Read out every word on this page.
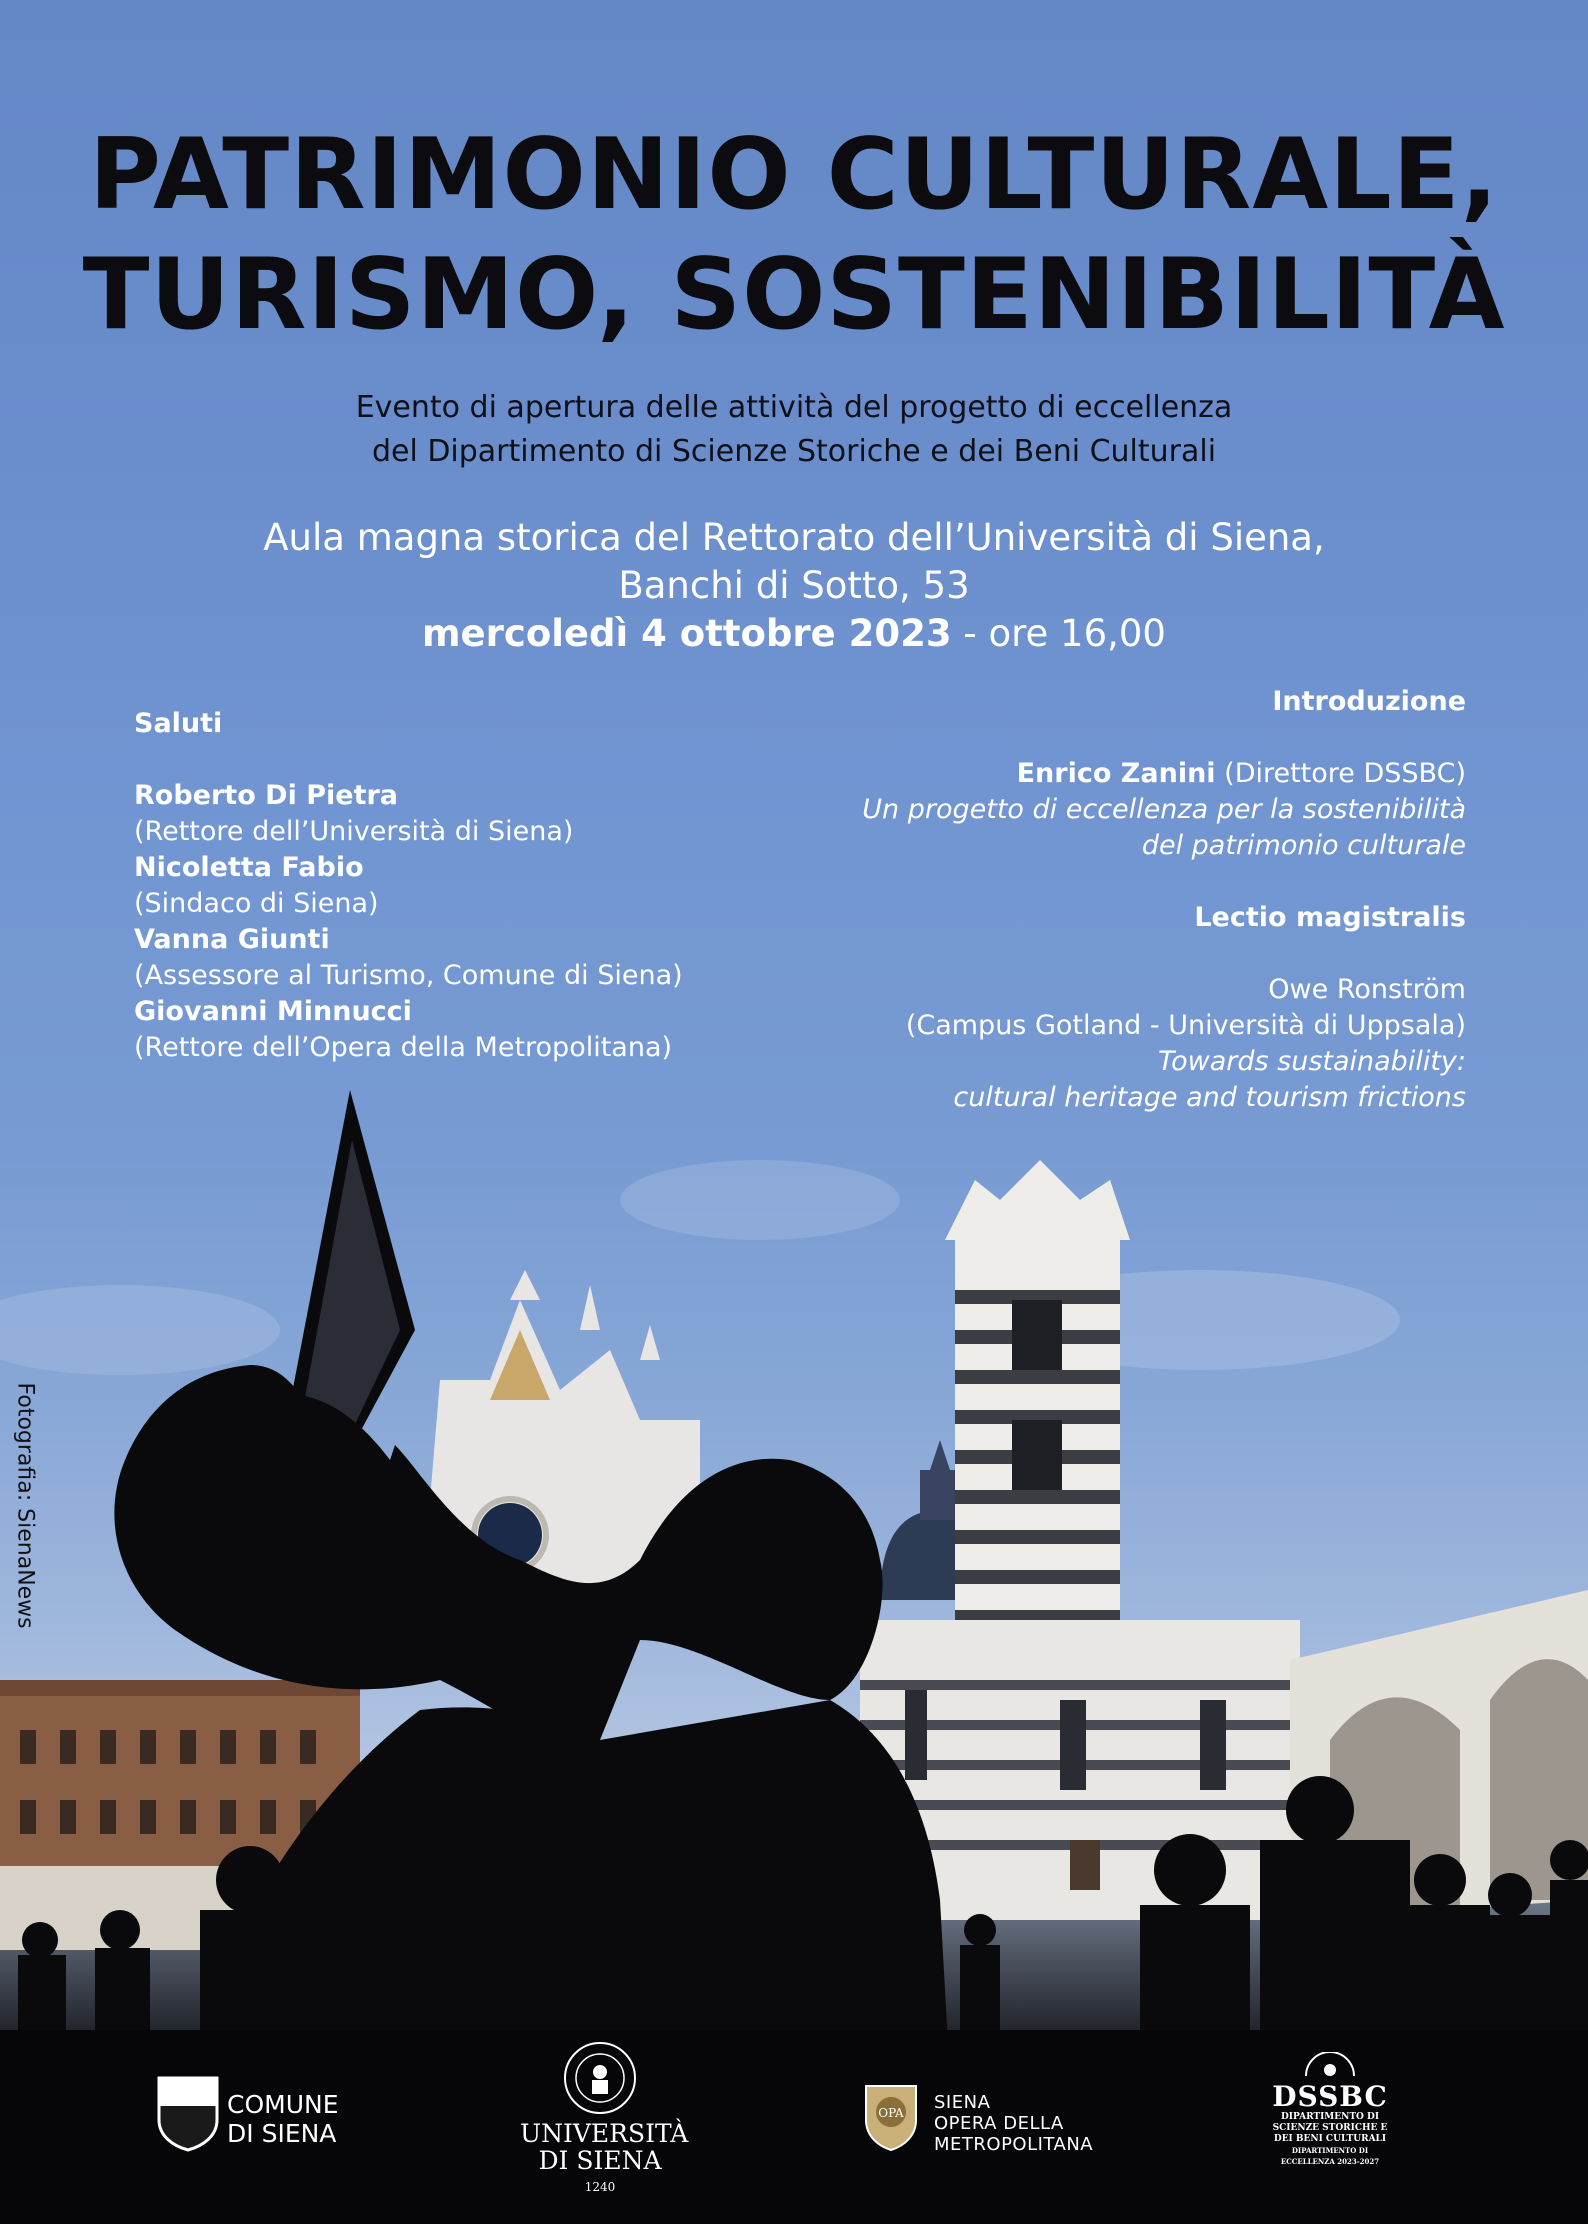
PATRIMONIO CULTURALE,
TURISMO, SOSTENIBILITÀ
Evento di apertura delle attività del progetto di eccellenza
del Dipartimento di Scienze Storiche e dei Beni Culturali
Aula magna storica del Rettorato dell’Università di Siena,
Banchi di Sotto, 53
mercoledì 4 ottobre 2023 - ore 16,00
Saluti
Roberto Di Pietra
(Rettore dell’Università di Siena)
Nicoletta Fabio
(Sindaco di Siena)
Vanna Giunti
(Assessore al Turismo, Comune di Siena)
Giovanni Minnucci
(Rettore dell’Opera della Metropolitana)
Introduzione
Enrico Zanini (Direttore DSSBC)
Un progetto di eccellenza per la sostenibilità
del patrimonio culturale
Lectio magistralis
Owe Ronström
(Campus Gotland - Università di Uppsala)
Towards sustainability:
cultural heritage and tourism frictions
Fotografia: SienaNews
COMUNE
DI SIENA	UNIVERSITÀ
DI SIENA
1240
OPA SIENA
OPERA DELLA
METROPOLITANA
DSSBC
DIPARTIMENTO DI
SCIENZE STORICHE E
DEI BENI CULTURALI
DIPARTIMENTO DI ECCELLENZA 2023-2027
